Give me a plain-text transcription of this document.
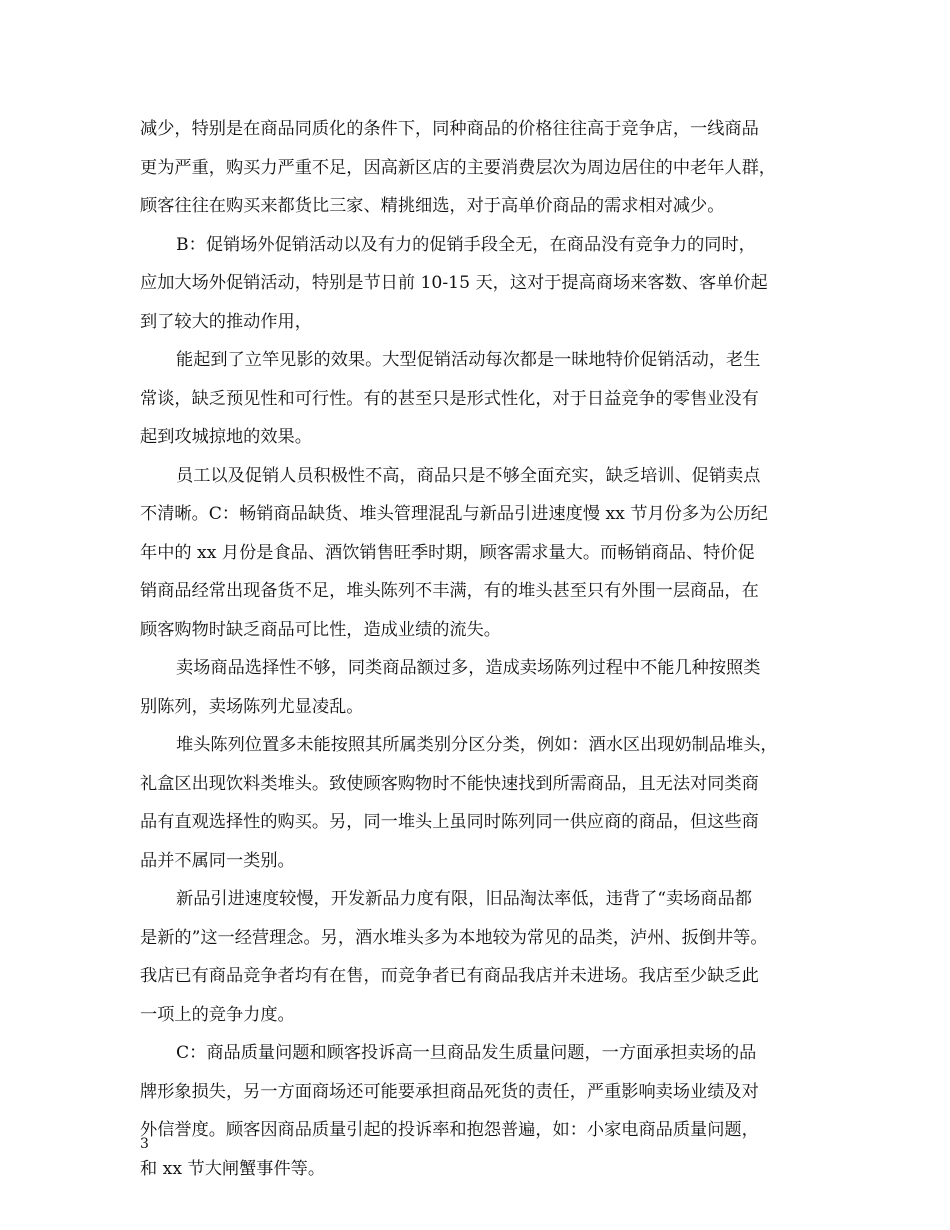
减少，特别是在商品同质化的条件下，同种商品的价格往往高于竞争店，一线商品
更为严重，购买力严重不足，因高新区店的主要消费层次为周边居住的中老年人群，
顾客往往在购买来都货比三家、精挑细选，对于高单价商品的需求相对减少。
B：促销场外促销活动以及有力的促销手段全无，在商品没有竞争力的同时，
应加大场外促销活动，特别是节日前 10-15 天，这对于提高商场来客数、客单价起
到了较大的推动作用，
能起到了立竿见影的效果。大型促销活动每次都是一昧地特价促销活动，老生
常谈，缺乏预见性和可行性。有的甚至只是形式性化，对于日益竞争的零售业没有
起到攻城掠地的效果。
员工以及促销人员积极性不高，商品只是不够全面充实，缺乏培训、促销卖点
不清晰。C：畅销商品缺货、堆头管理混乱与新品引进速度慢 xx 节月份多为公历纪
年中的 xx 月份是食品、酒饮销售旺季时期，顾客需求量大。而畅销商品、特价促
销商品经常出现备货不足，堆头陈列不丰满，有的堆头甚至只有外围一层商品，在
顾客购物时缺乏商品可比性，造成业绩的流失。
卖场商品选择性不够，同类商品额过多，造成卖场陈列过程中不能几种按照类
别陈列，卖场陈列尤显凌乱。
堆头陈列位置多未能按照其所属类别分区分类，例如：酒水区出现奶制品堆头，
礼盒区出现饮料类堆头。致使顾客购物时不能快速找到所需商品，且无法对同类商
品有直观选择性的购买。另，同一堆头上虽同时陈列同一供应商的商品，但这些商
品并不属同一类别。
新品引进速度较慢，开发新品力度有限，旧品淘汰率低，违背了“卖场商品都
是新的”这一经营理念。另，酒水堆头多为本地较为常见的品类，泸州、扳倒井等。
我店已有商品竞争者均有在售，而竞争者已有商品我店并未进场。我店至少缺乏此
一项上的竞争力度。
C：商品质量问题和顾客投诉高一旦商品发生质量问题，一方面承担卖场的品
牌形象损失，另一方面商场还可能要承担商品死货的责任，严重影响卖场业绩及对
外信誉度。顾客因商品质量引起的投诉率和抱怨普遍，如：小家电商品质量问题，
和 xx 节大闸蟹事件等。
3
